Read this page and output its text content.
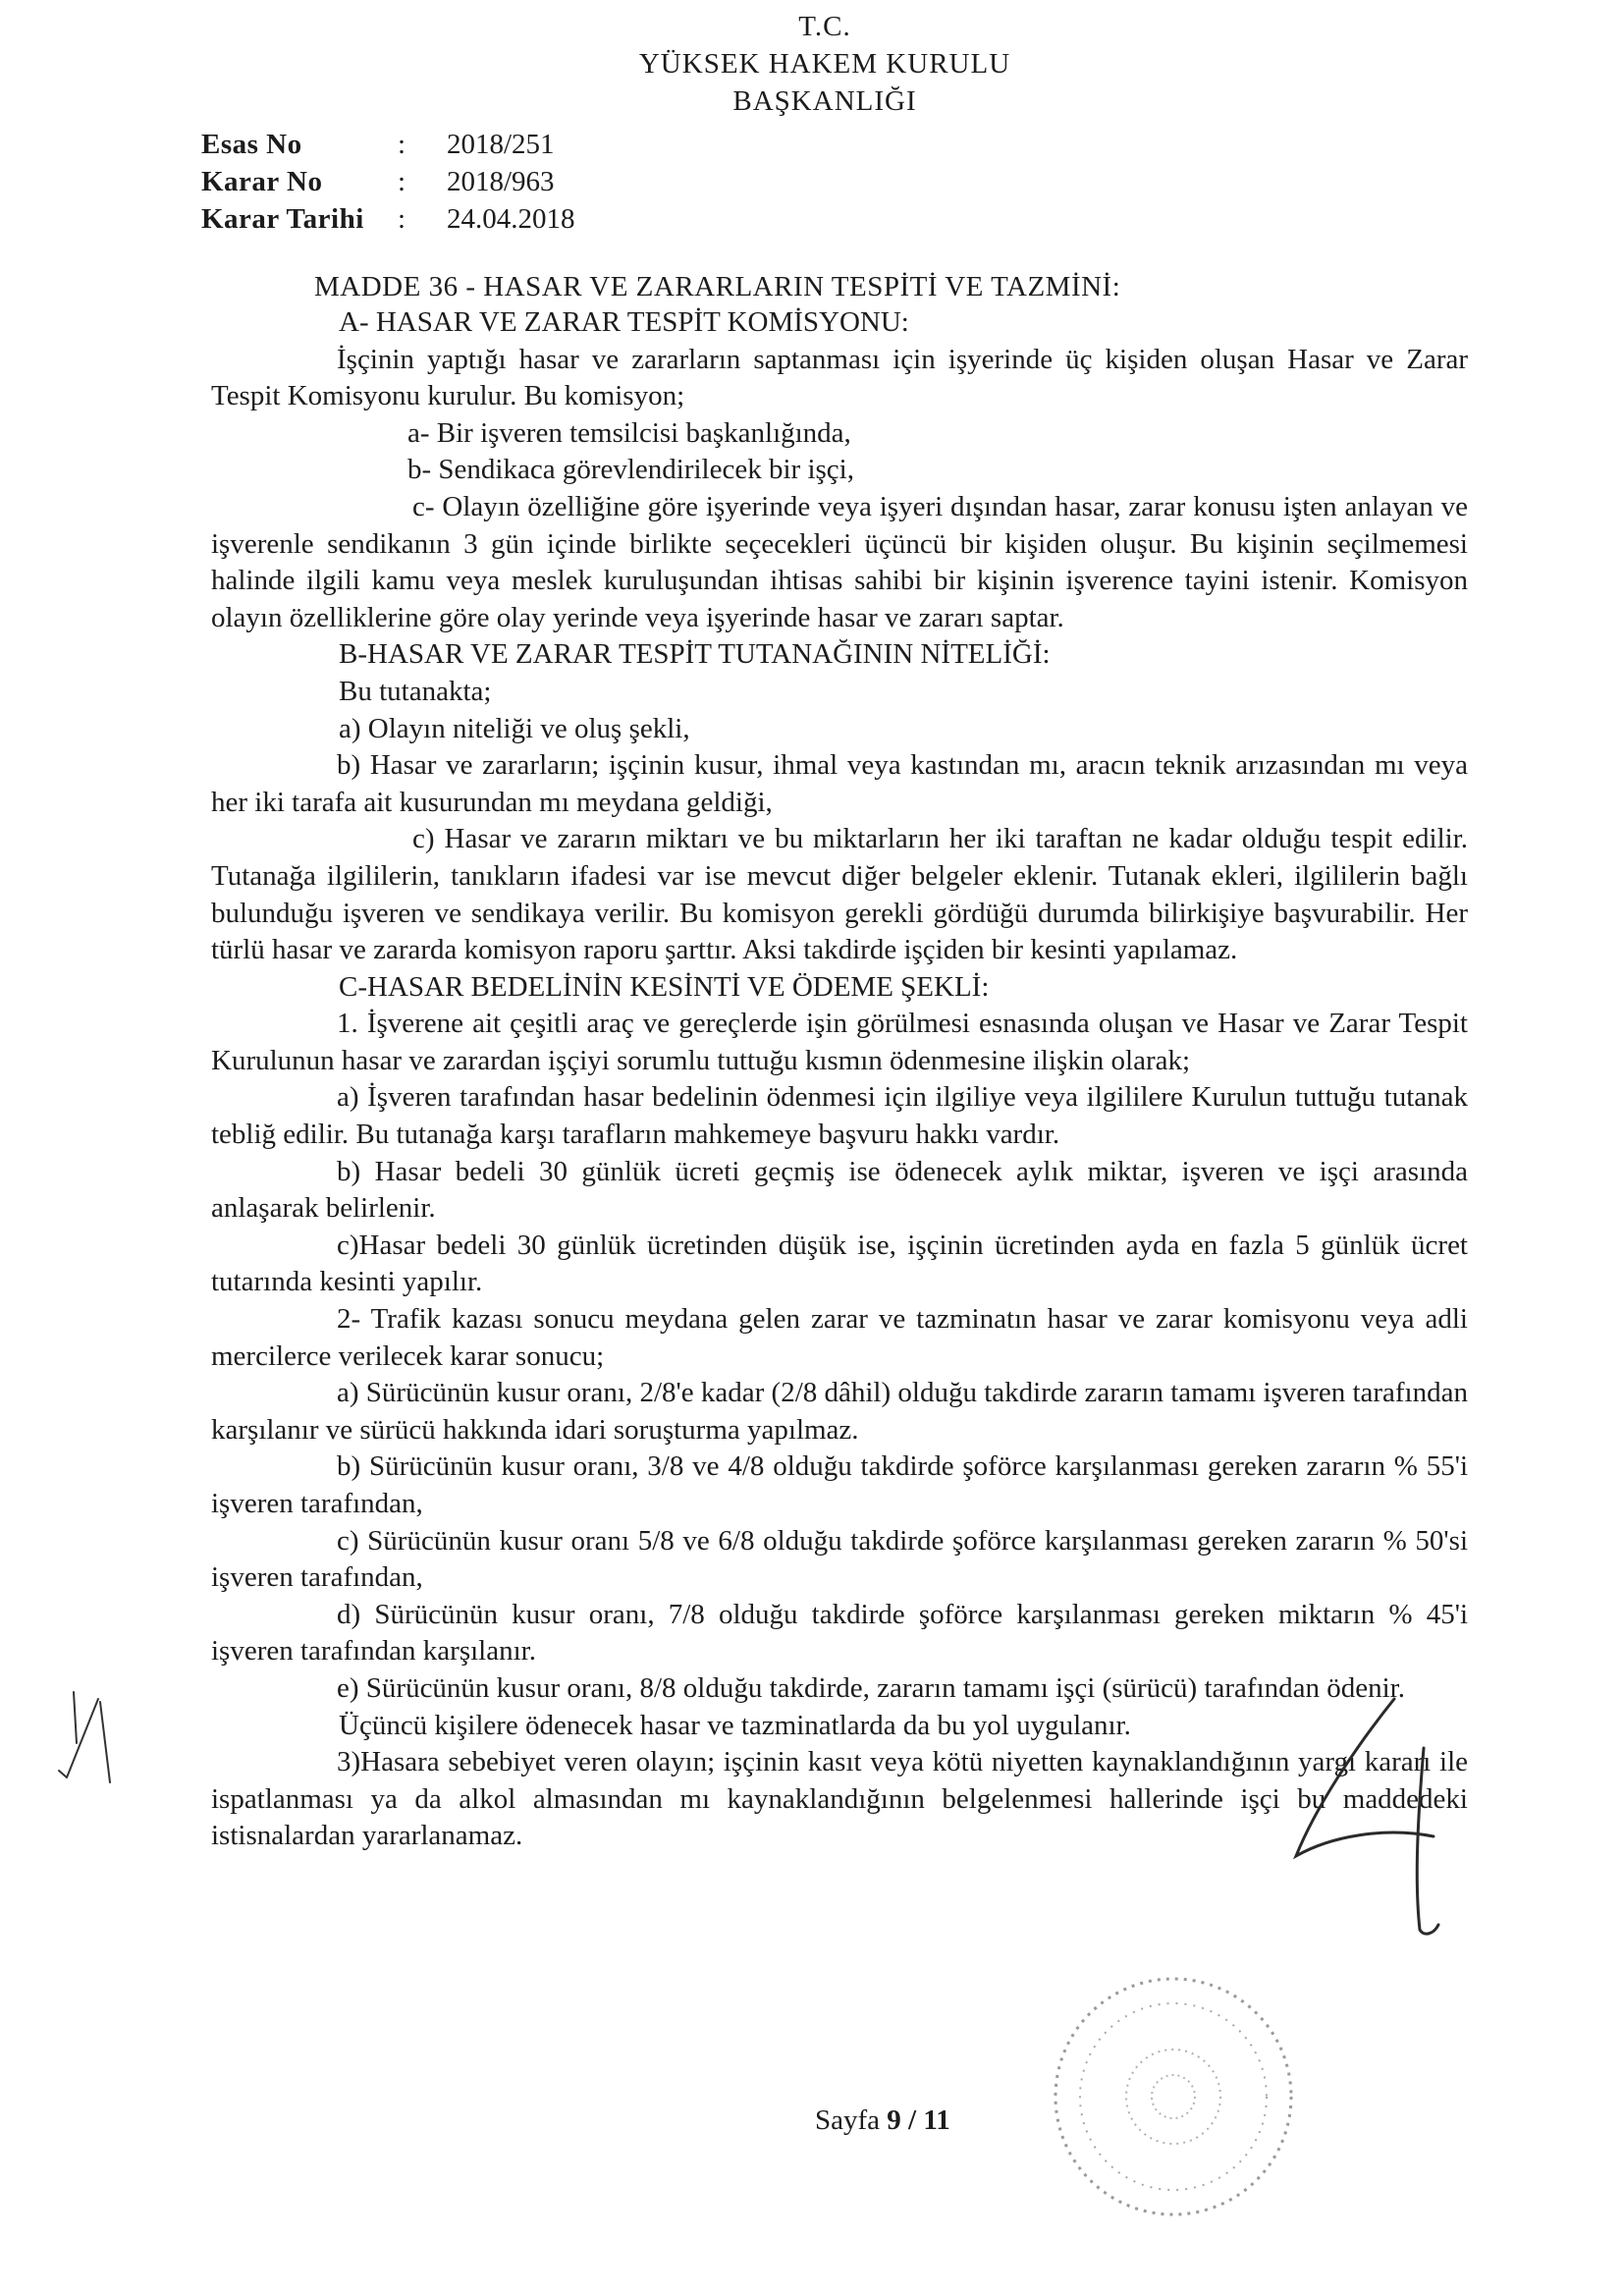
T.C.
YÜKSEK HAKEM KURULU
BAŞKANLIĞI
Esas No	:	2018/251
Karar No	:	2018/963
Karar Tarihi	:	24.04.2018
MADDE 36 - HASAR VE ZARARLARIN TESPİTİ VE TAZMİNİ:

A- HASAR VE ZARAR TESPİT KOMİSYONU:

İşçinin yaptığı hasar ve zararların saptanması için işyerinde üç kişiden oluşan Hasar ve Zarar Tespit Komisyonu kurulur. Bu komisyon;

a- Bir işveren temsilcisi başkanlığında,

b- Sendikaca görevlendirilecek bir işçi,

c- Olayın özelliğine göre işyerinde veya işyeri dışından hasar, zarar konusu işten anlayan ve işverenle sendikanın 3 gün içinde birlikte seçecekleri üçüncü bir kişiden oluşur. Bu kişinin seçilmemesi halinde ilgili kamu veya meslek kuruluşundan ihtisas sahibi bir kişinin işverence tayini istenir. Komisyon olayın özelliklerine göre olay yerinde veya işyerinde hasar ve zararı saptar.

B-HASAR VE ZARAR TESPİT TUTANAĞININ NİTELİĞİ:

Bu tutanakta;

a) Olayın niteliği ve oluş şekli,

b) Hasar ve zararların; işçinin kusur, ihmal veya kastından mı, aracın teknik arızasından mı veya her iki tarafa ait kusurundan mı meydana geldiği,

c) Hasar ve zararın miktarı ve bu miktarların her iki taraftan ne kadar olduğu tespit edilir. Tutanağa ilgililerin, tanıkların ifadesi var ise mevcut diğer belgeler eklenir. Tutanak ekleri, ilgililerin bağlı bulunduğu işveren ve sendikaya verilir. Bu komisyon gerekli gördüğü durumda bilirkişiye başvurabilir. Her türlü hasar ve zararda komisyon raporu şarttır. Aksi takdirde işçiden bir kesinti yapılamaz.

C-HASAR BEDELİNİN KESİNTİ VE ÖDEME ŞEKLİ:

1. İşverene ait çeşitli araç ve gereçlerde işin görülmesi esnasında oluşan ve Hasar ve Zarar Tespit Kurulunun hasar ve zarardan işçiyi sorumlu tuttuğu kısmın ödenmesine ilişkin olarak;

a) İşveren tarafından hasar bedelinin ödenmesi için ilgiliye veya ilgililere Kurulun tuttuğu tutanak tebliğ edilir. Bu tutanağa karşı tarafların mahkemeye başvuru hakkı vardır.

b) Hasar bedeli 30 günlük ücreti geçmiş ise ödenecek aylık miktar, işveren ve işçi arasında anlaşarak belirlenir.

c)Hasar bedeli 30 günlük ücretinden düşük ise, işçinin ücretinden ayda en fazla 5 günlük ücret tutarında kesinti yapılır.

2- Trafik kazası sonucu meydana gelen zarar ve tazminatın hasar ve zarar komisyonu veya adli mercilerce verilecek karar sonucu;

a) Sürücünün kusur oranı, 2/8'e kadar (2/8 dâhil) olduğu takdirde zararın tamamı işveren tarafından karşılanır ve sürücü hakkında idari soruşturma yapılmaz.

b) Sürücünün kusur oranı, 3/8 ve 4/8 olduğu takdirde şoförce karşılanması gereken zararın % 55'i işveren tarafından,

c) Sürücünün kusur oranı 5/8 ve 6/8 olduğu takdirde şoförce karşılanması gereken zararın % 50'si işveren tarafından,

d) Sürücünün kusur oranı, 7/8 olduğu takdirde şoförce karşılanması gereken miktarın % 45'i işveren tarafından karşılanır.

e) Sürücünün kusur oranı, 8/8 olduğu takdirde, zararın tamamı işçi (sürücü) tarafından ödenir.

Üçüncü kişilere ödenecek hasar ve tazminatlarda da bu yol uygulanır.

3)Hasara sebebiyet veren olayın; işçinin kasıt veya kötü niyetten kaynaklandığının yargı kararı ile ispatlanması ya da alkol almasından mı kaynaklandığının belgelenmesi hallerinde işçi bu maddedeki istisnalardan yararlanamaz.

Sayfa 9 / 11
